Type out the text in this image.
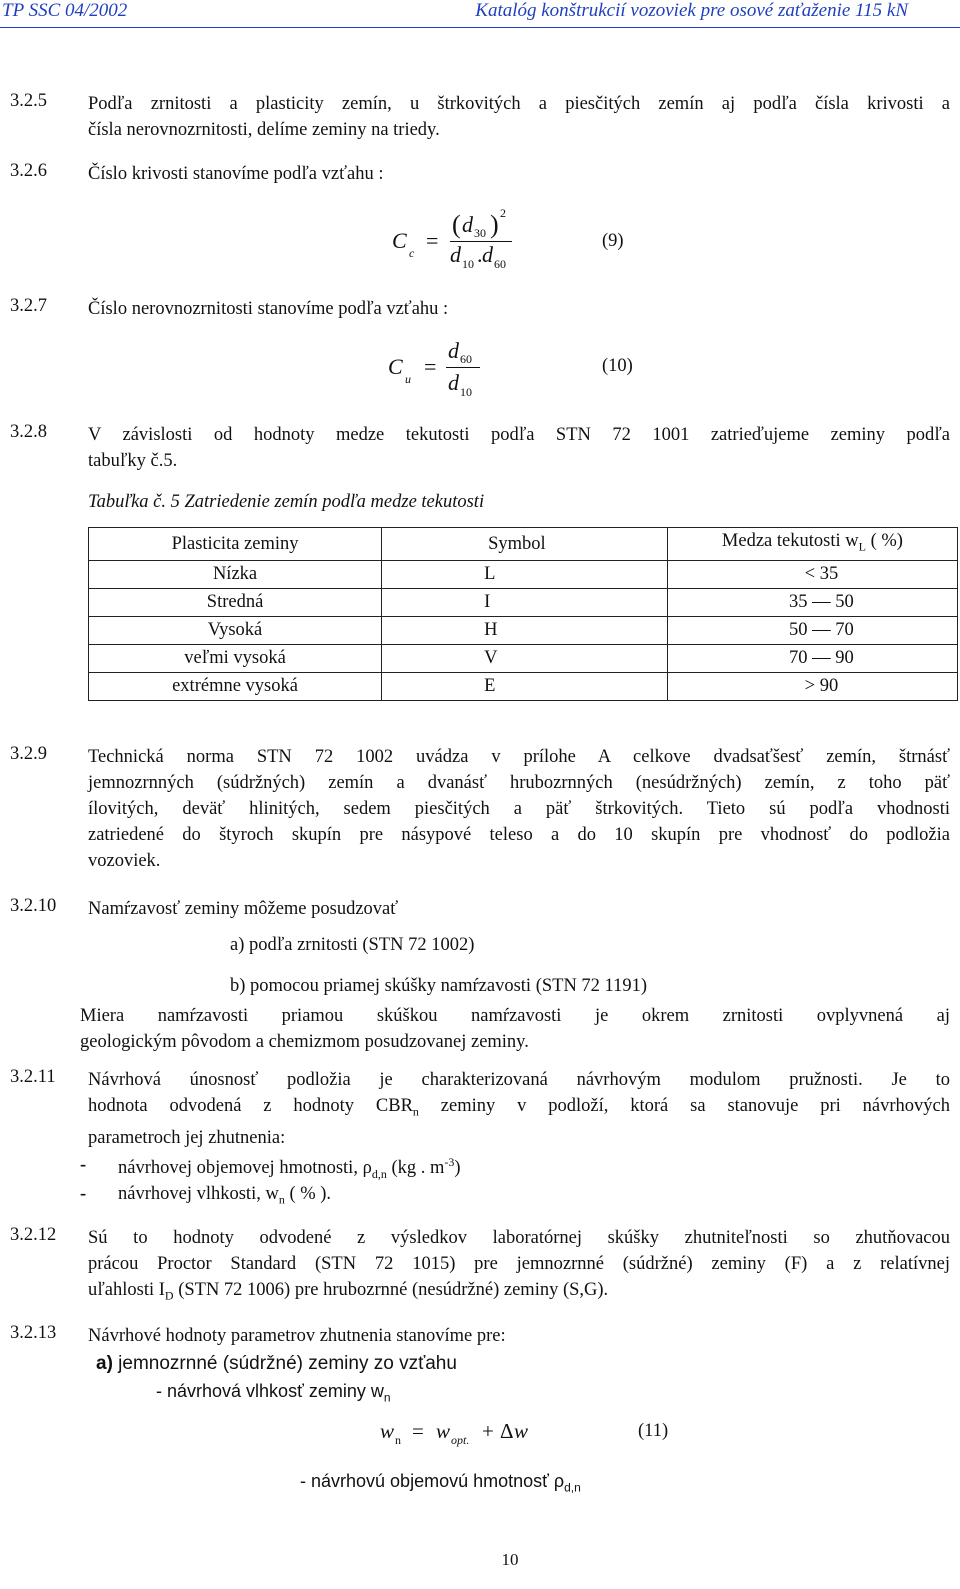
TP SSC 04/2002	Katalóg konštrukcií vozoviek pre osové zaťaženie 115 kN
3.2.5 Podľa zrnitosti a plasticity zemín, u štrkovitých a piesčitých zemín aj podľa čísla krivosti a
čísla nerovnozrnitosti, delíme zeminy na triedy.
3.2.6 Číslo krivosti stanovíme podľa vzťahu :
C c =
( d 30 ) 2
d 10 . d 60
(9)
3.2.7 Číslo nerovnozrnitosti stanovíme podľa vzťahu :
C u =
d 60
d 10
(10)
3.2.8 V závislosti od hodnoty medze tekutosti podľa STN 72 1001 zatrieďujeme zeminy podľa
tabuľky č.5.
Tabuľka č. 5 Zatriedenie zemín podľa medze tekutosti
Plasticita zeminy	Symbol	Medza tekutosti $w_L$ ( %)
Nízka	L	< 35
Stredná	I	35 — 50
Vysoká	H	50 — 70
veľmi vysoká	V	70 — 90
extrémne vysoká	E	> 90
3.2.9 Technická norma STN 72 1002 uvádza v prílohe A celkove dvadsaťšesť zemín, štrnásť
jemnozrnných (súdržných) zemín a dvanásť hrubozrnných (nesúdržných) zemín, z toho päť
ílovitých, deväť hlinitých, sedem piesčitých a päť štrkovitých. Tieto sú podľa vhodnosti
zatriedené do štyroch skupín pre násypové teleso a do 10 skupín pre vhodnosť do podložia
vozoviek.
3.2.10 Namŕzavosť zeminy môžeme posudzovať
a) podľa zrnitosti (STN 72 1002)
b) pomocou priamej skúšky namŕzavosti (STN 72 1191)
Miera namŕzavosti priamou skúškou namŕzavosti je okrem zrnitosti ovplyvnená aj
geologickým pôvodom a chemizmom posudzovanej zeminy.
3.2.11 Návrhová únosnosť podložia je charakterizovaná návrhovým modulom pružnosti. Je to
hodnota odvodená z hodnoty $CBR_n$ zeminy v podloží, ktorá sa stanovuje pri návrhových
parametroch jej zhutnenia:
- návrhovej objemovej hmotnosti, $\rho_{d,n}$ (kg . $m^{-3}$)
- návrhovej vlhkosti, $w_n$ ( % ).
3.2.12 Sú to hodnoty odvodené z výsledkov laboratórnej skúšky zhutniteľnosti so zhutňovacou
prácou Proctor Standard (STN 72 1015) pre jemnozrnné (súdržné) zeminy (F) a z relatívnej
uľahlosti $I_D$ (STN 72 1006) pre hrubozrnné (nesúdržné) zeminy (S,G).
3.2.13 Návrhové hodnoty parametrov zhutnenia stanovíme pre:
a) jemnozrnné (súdržné) zeminy zo vzťahu
- návrhová vlhkosť zeminy $w_n$
w n = w opt. + Δ w	(11)
- návrhovú objemovú hmotnosť $\rho_{d,n}$
10
